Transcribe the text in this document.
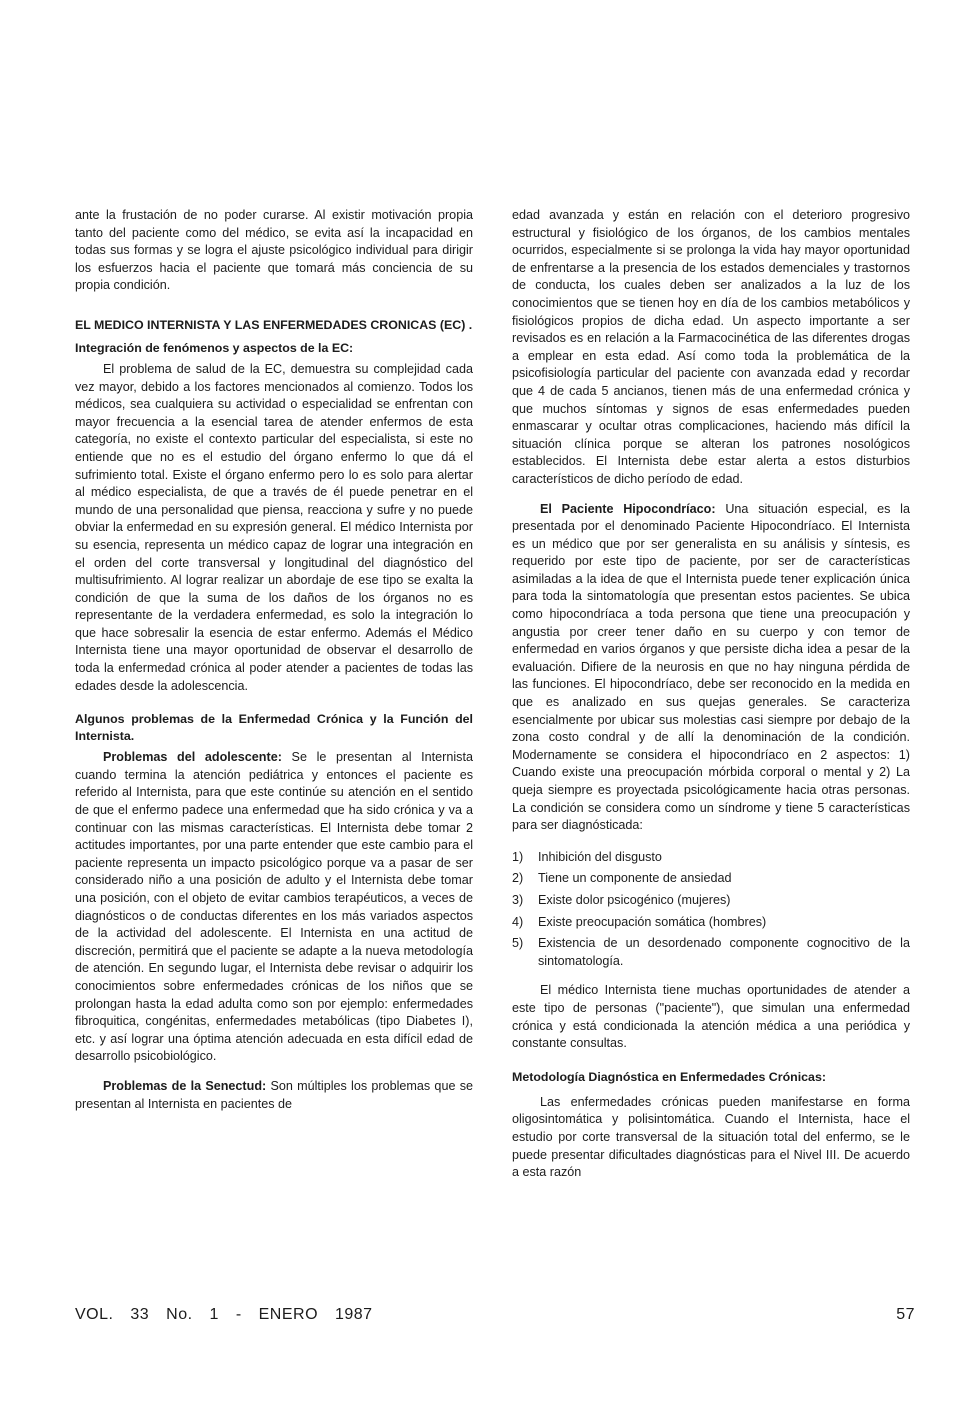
ante la frustación de no poder curarse. Al existir motivación propia tanto del paciente como del médico, se evita así la incapacidad en todas sus formas y se logra el ajuste psicológico individual para dirigir los esfuerzos hacia el paciente que tomará más conciencia de su propia condición.

EL MEDICO INTERNISTA Y LAS ENFERMEDADES CRONICAS (EC) .

Integración de fenómenos y aspectos de la EC:

El problema de salud de la EC, demuestra su complejidad cada vez mayor, debido a los factores mencionados al comienzo. Todos los médicos, sea cualquiera su actividad o especialidad se enfrentan con mayor frecuencia a la esencial tarea de atender enfermos de esta categoría, no existe el contexto particular del especialista, si este no entiende que no es el estudio del órgano enfermo lo que dá el sufrimiento total. Existe el órgano enfermo pero lo es solo para alertar al médico especialista, de que a través de él puede penetrar en el mundo de una personalidad que piensa, reacciona y sufre y no puede obviar la enfermedad en su expresión general. El médico Internista por su esencia, representa un médico capaz de lograr una integración en el orden del corte transversal y longitudinal del diagnóstico del multisufrimiento. Al lograr realizar un abordaje de ese tipo se exalta la condición de que la suma de los daños de los órganos no es representante de la verdadera enfermedad, es solo la integración lo que hace sobresalir la esencia de estar enfermo. Además el Médico Internista tiene una mayor oportunidad de observar el desarrollo de toda la enfermedad crónica al poder atender a pacientes de todas las edades desde la adolescencia.

Algunos problemas de la Enfermedad Crónica y la Función del Internista.

Problemas del adolescente: Se le presentan al Internista cuando termina la atención pediátrica y entonces el paciente es referido al Internista, para que este continúe su atención en el sentido de que el enfermo padece una enfermedad que ha sido crónica y va a continuar con las mismas características. El Internista debe tomar 2 actitudes importantes, por una parte entender que este cambio para el paciente representa un impacto psicológico porque va a pasar de ser considerado niño a una posición de adulto y el Internista debe tomar una posición, con el objeto de evitar cambios terapéuticos, a veces de diagnósticos o de conductas diferentes en los más variados aspectos de la actividad del adolescente. El Internista en una actitud de discreción, permitirá que el paciente se adapte a la nueva metodología de atención. En segundo lugar, el Internista debe revisar o adquirir los conocimientos sobre enfermedades crónicas de los niños que se prolongan hasta la edad adulta como son por ejemplo: enfermedades fibroquitica, congénitas, enfermedades metabólicas (tipo Diabetes I), etc. y así lograr una óptima atención adecuada en esta difícil edad de desarrollo psicobiológico.

Problemas de la Senectud: Son múltiples los problemas que se presentan al Internista en pacientes de

edad avanzada y están en relación con el deterioro progresivo estructural y fisiológico de los órganos, de los cambios mentales ocurridos, especialmente si se prolonga la vida hay mayor oportunidad de enfrentarse a la presencia de los estados demenciales y trastornos de conducta, los cuales deben ser analizados a la luz de los conocimientos que se tienen hoy en día de los cambios metabólicos y fisiológicos propios de dicha edad. Un aspecto importante a ser revisados es en relación a la Farmacocinética de las diferentes drogas a emplear en esta edad. Así como toda la problemática de la psicofisiología particular del paciente con avanzada edad y recordar que 4 de cada 5 ancianos, tienen más de una enfermedad crónica y que muchos síntomas y signos de esas enfermedades pueden enmascarar y ocultar otras complicaciones, haciendo más difícil la situación clínica porque se alteran los patrones nosológicos establecidos. El Internista debe estar alerta a estos disturbios característicos de dicho período de edad.

El Paciente Hipocondríaco: Una situación especial, es la presentada por el denominado Paciente Hipocondríaco. El Internista es un médico que por ser generalista en su análisis y síntesis, es requerido por este tipo de paciente, por ser de características asimiladas a la idea de que el Internista puede tener explicación única para toda la sintomatología que presentan estos pacientes. Se ubica como hipocondríaca a toda persona que tiene una preocupación y angustia por creer tener daño en su cuerpo y con temor de enfermedad en varios órganos y que persiste dicha idea a pesar de la evaluación. Difiere de la neurosis en que no hay ninguna pérdida de las funciones. El hipocondríaco, debe ser reconocido en la medida en que es analizado en sus quejas generales. Se caracteriza esencialmente por ubicar sus molestias casi siempre por debajo de la zona costo condral y de allí la denominación de la condición. Modernamente se considera el hipocondríaco en 2 aspectos: 1) Cuando existe una preocupación mórbida corporal o mental y 2) La queja siempre es proyectada psicológicamente hacia otras personas. La condición se considera como un síndrome y tiene 5 características para ser diagnósticada:

1) Inhibición del disgusto
2) Tiene un componente de ansiedad
3) Existe dolor psicogénico (mujeres)
4) Existe preocupación somática (hombres)
5) Existencia de un desordenado componente cognocitivo de la sintomatología.

El médico Internista tiene muchas oportunidades de atender a este tipo de personas ("paciente"), que simulan una enfermedad crónica y está condicionada la atención médica a una periódica y constante consultas.

Metodología Diagnóstica en Enfermedades Crónicas:

Las enfermedades crónicas pueden manifestarse en forma oligosintomática y polisintomática. Cuando el Internista, hace el estudio por corte transversal de la situación total del enfermo, se le puede presentar dificultades diagnósticas para el Nivel III. De acuerdo a esta razón

VOL. 33 No. 1 - ENERO 1987	57
